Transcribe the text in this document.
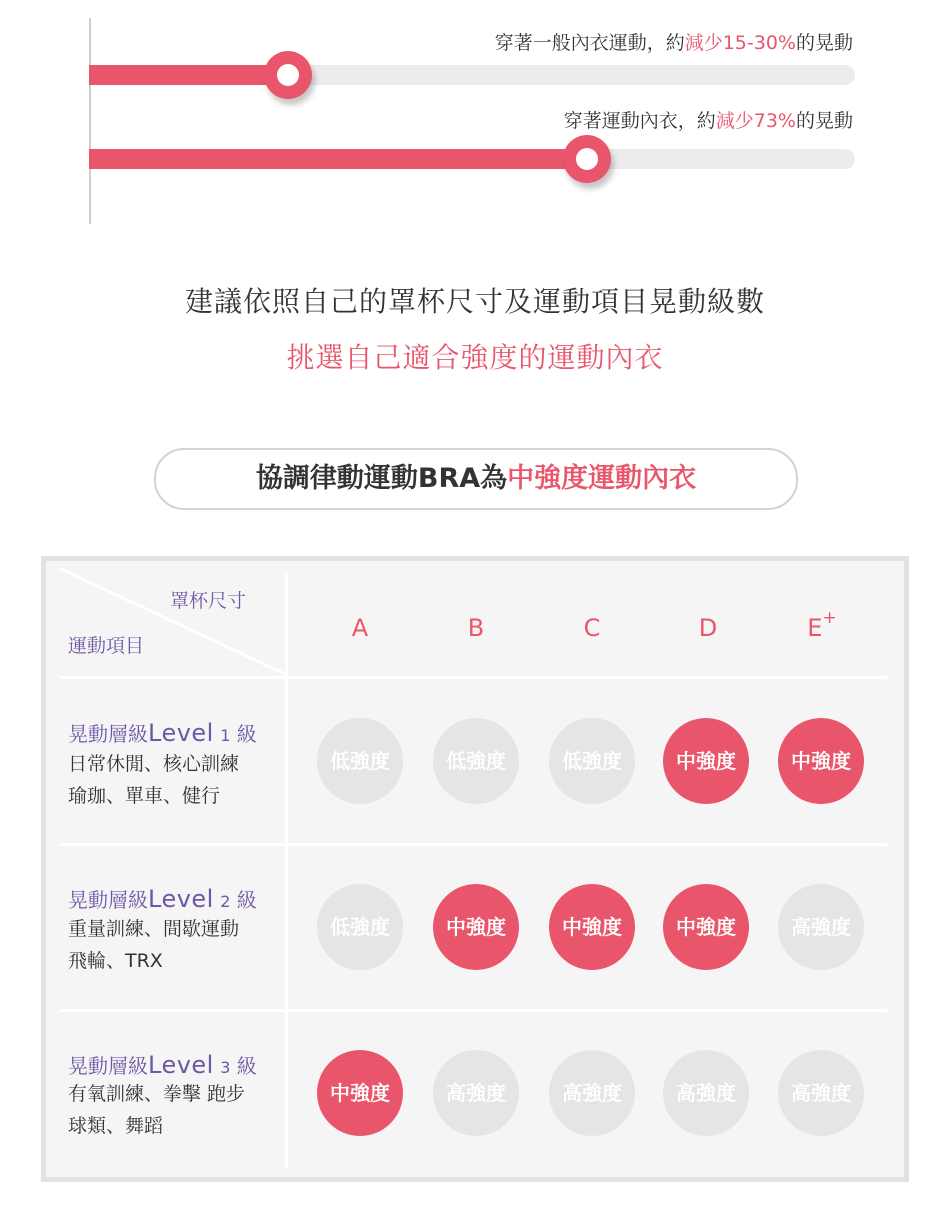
穿著一般內衣運動，約減少15-30%的晃動
穿著運動內衣，約減少73%的晃動
建議依照自己的罩杯尺寸及運動項目晃動級數
挑選自己適合強度的運動內衣
協調律動運動BRA為中強度運動內衣
罩杯尺寸
運動項目
A	B	C	D	E+
晃動層級Level 1 級
日常休閒、核心訓練
瑜珈、單車、健行
低強度	低強度	低強度	中強度	中強度
晃動層級Level 2 級
重量訓練、間歇運動
飛輪、TRX
低強度	中強度	中強度	中強度	高強度
晃動層級Level 3 級
有氧訓練、拳擊 跑步
球類、舞蹈
中強度	高強度	高強度	高強度	高強度
